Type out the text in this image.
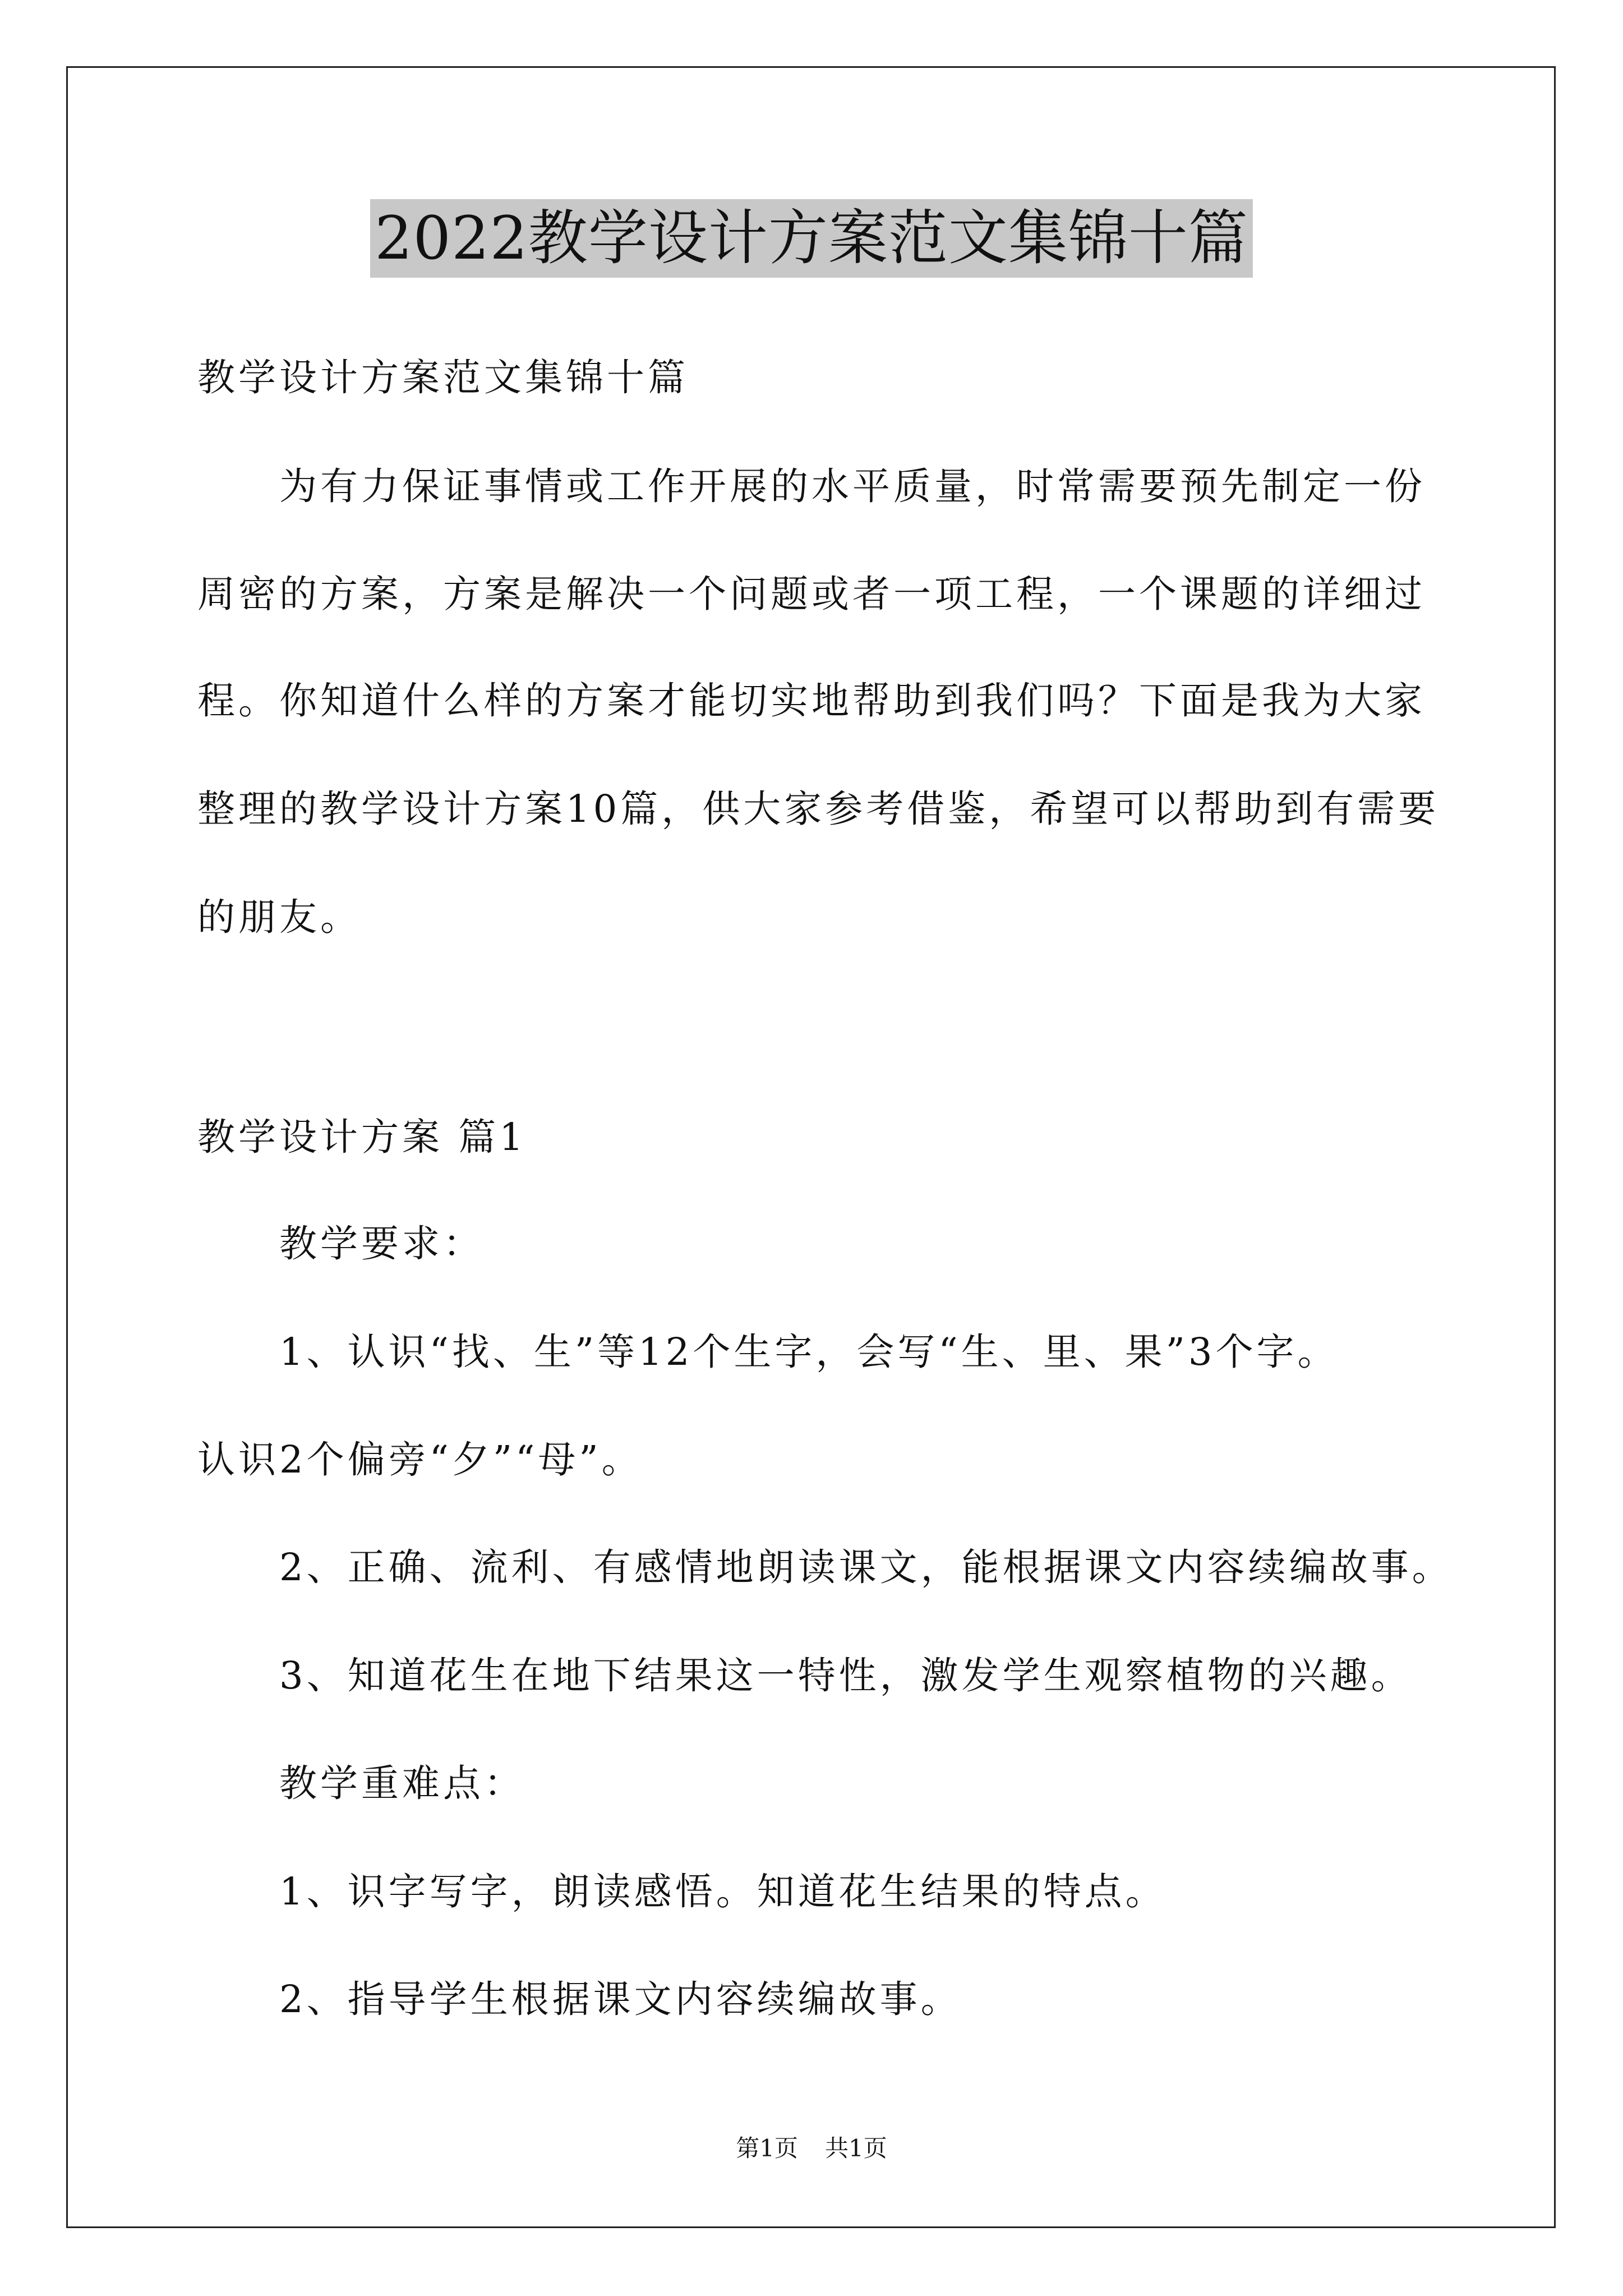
2022教学设计方案范文集锦十篇
教学设计方案范文集锦十篇
为有力保证事情或工作开展的水平质量，时常需要预先制定一份
周密的方案，方案是解决一个问题或者一项工程，一个课题的详细过
程。你知道什么样的方案才能切实地帮助到我们吗？下面是我为大家
整理的教学设计方案10篇，供大家参考借鉴，希望可以帮助到有需要
的朋友。
教学设计方案 篇1
教学要求：
1、认识“找、生”等12个生字，会写“生、里、果”3个字。
认识2个偏旁“夕”“母”。
2、正确、流利、有感情地朗读课文，能根据课文内容续编故事。
3、知道花生在地下结果这一特性，激发学生观察植物的兴趣。
教学重难点：
1、识字写字，朗读感悟。知道花生结果的特点。
2、指导学生根据课文内容续编故事。
第1页 共1页
